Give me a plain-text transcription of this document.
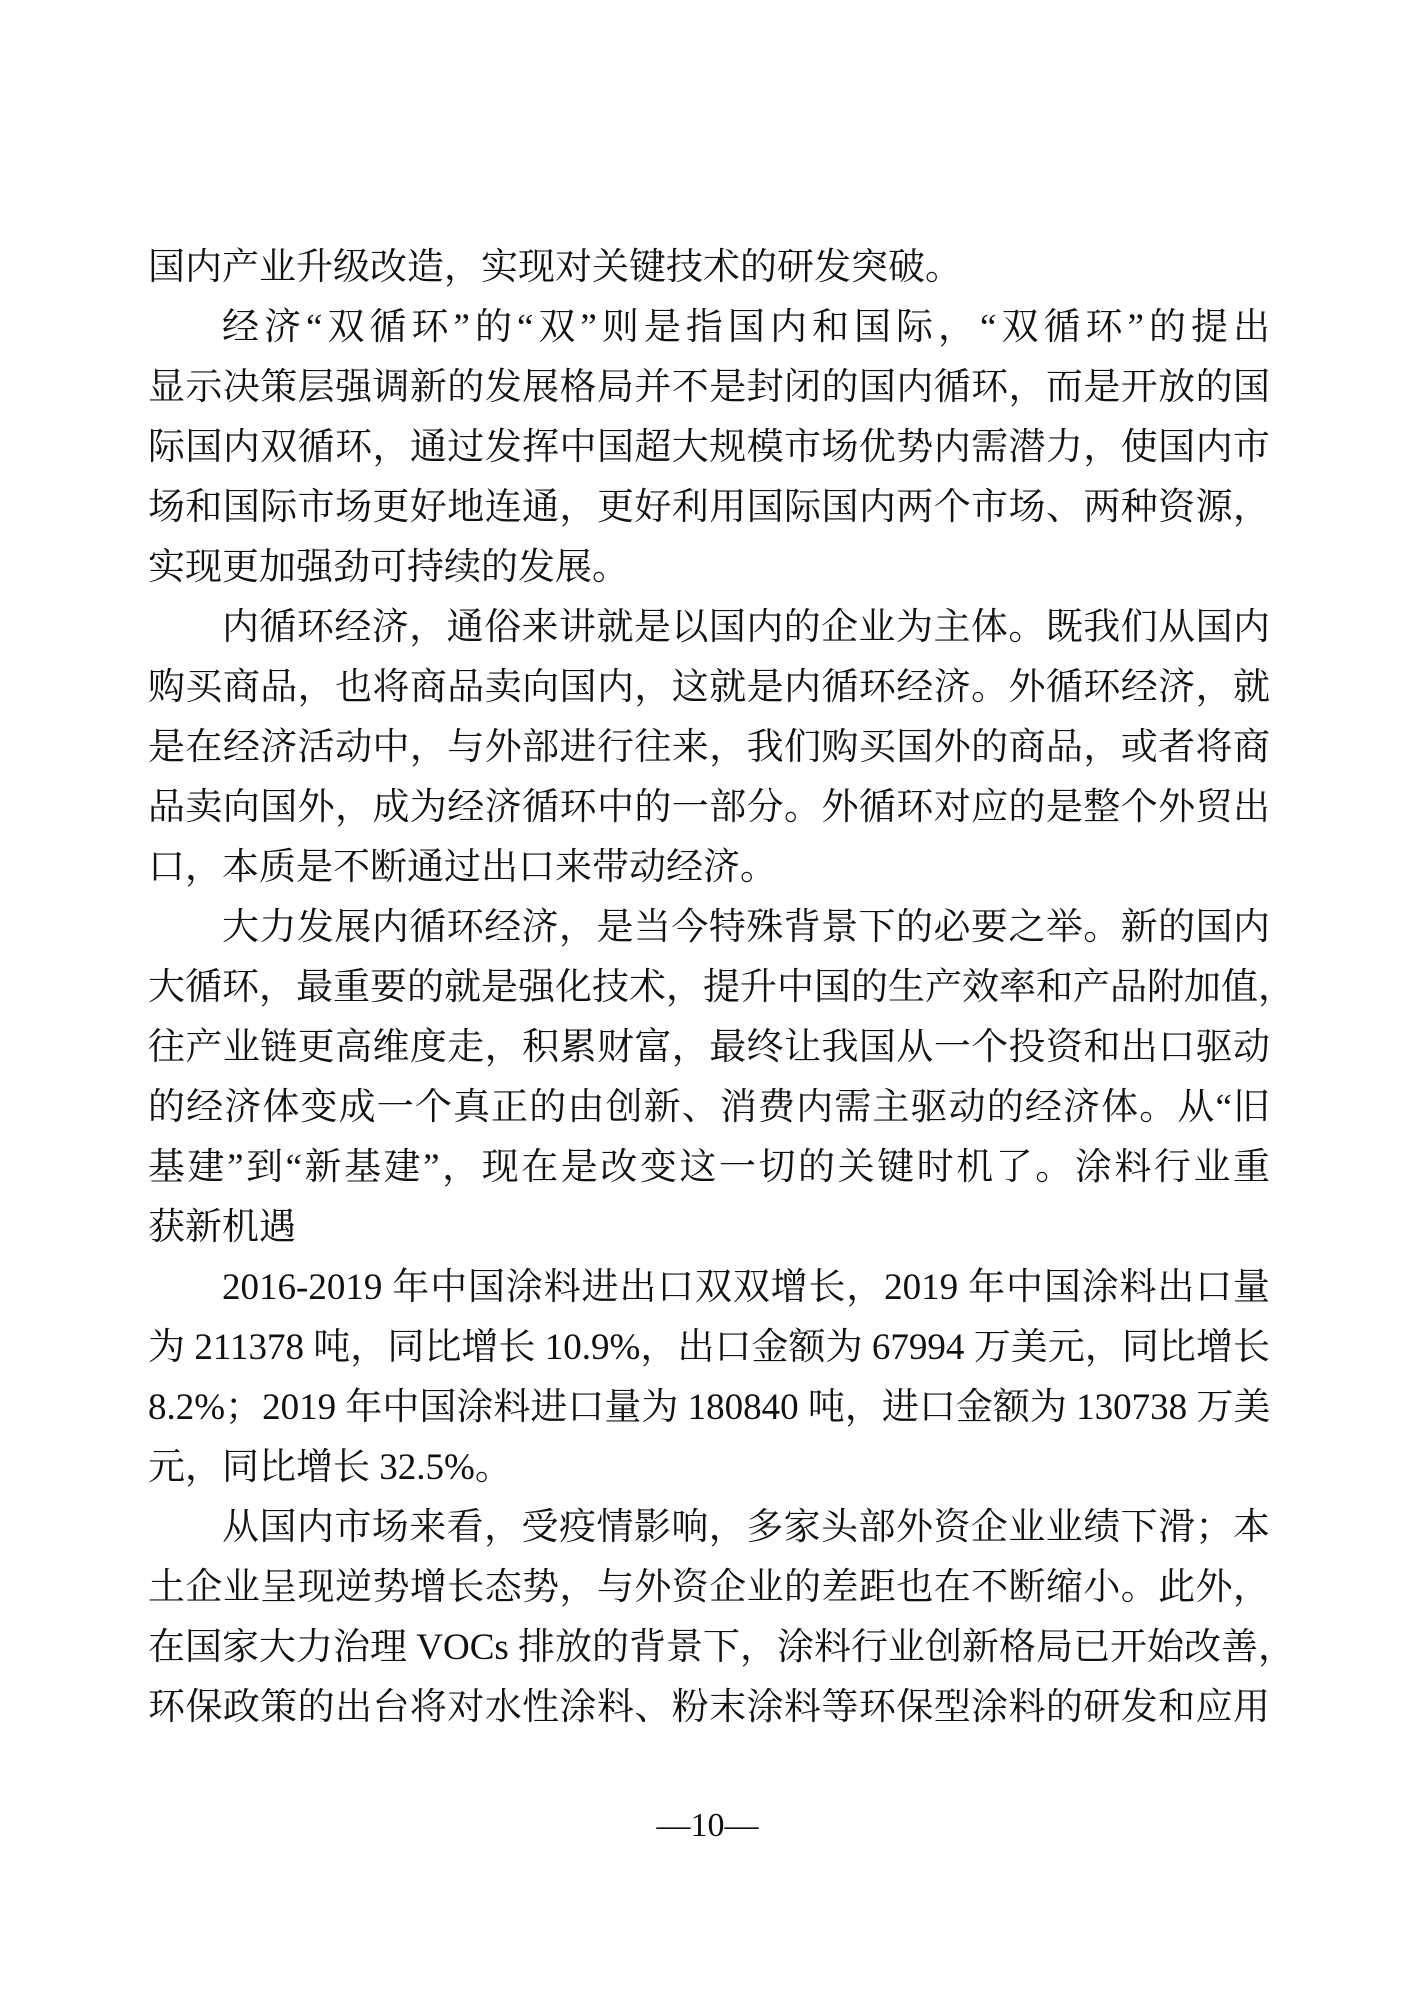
国内产业升级改造，实现对关键技术的研发突破。
经济“双循环”的“双”则是指国内和国际，“双循环”的提出
显示决策层强调新的发展格局并不是封闭的国内循环，而是开放的国
际国内双循环，通过发挥中国超大规模市场优势内需潜力，使国内市
场和国际市场更好地连通，更好利用国际国内两个市场、两种资源，
实现更加强劲可持续的发展。
内循环经济，通俗来讲就是以国内的企业为主体。既我们从国内
购买商品，也将商品卖向国内，这就是内循环经济。外循环经济，就
是在经济活动中，与外部进行往来，我们购买国外的商品，或者将商
品卖向国外，成为经济循环中的一部分。外循环对应的是整个外贸出
口，本质是不断通过出口来带动经济。
大力发展内循环经济，是当今特殊背景下的必要之举。新的国内
大循环，最重要的就是强化技术，提升中国的生产效率和产品附加值，
往产业链更高维度走，积累财富，最终让我国从一个投资和出口驱动
的经济体变成一个真正的由创新、消费内需主驱动的经济体。从“旧
基建”到“新基建”，现在是改变这一切的关键时机了。涂料行业重
获新机遇
2016-2019 年中国涂料进出口双双增长，2019 年中国涂料出口量
为 211378 吨，同比增长 10.9%，出口金额为 67994 万美元，同比增长
8.2%；2019 年中国涂料进口量为 180840 吨，进口金额为 130738 万美
元，同比增长 32.5%。
从国内市场来看，受疫情影响，多家头部外资企业业绩下滑；本
土企业呈现逆势增长态势，与外资企业的差距也在不断缩小。此外，
在国家大力治理 VOCs 排放的背景下，涂料行业创新格局已开始改善，
环保政策的出台将对水性涂料、粉末涂料等环保型涂料的研发和应用
—10—
